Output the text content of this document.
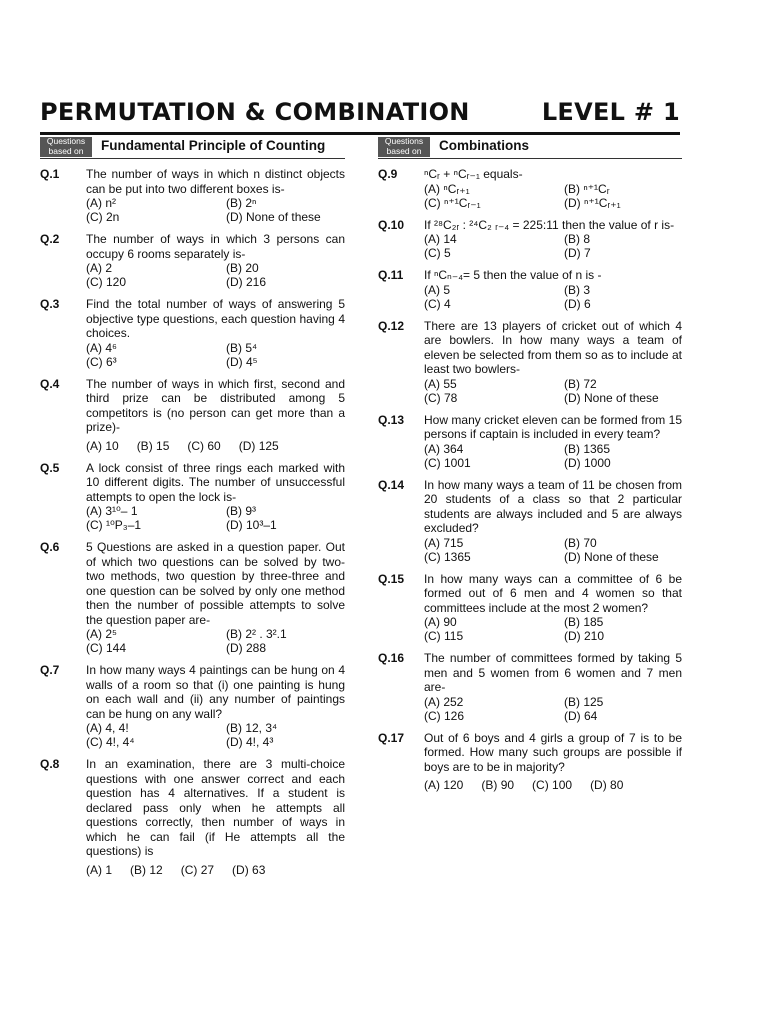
PERMUTATION & COMBINATION	LEVEL # 1
Questions based on	Fundamental Principle of Counting
Q.1 The number of ways in which n distinct objects can be put into two different boxes is-
(A) n²	(B) 2ⁿ
(C) 2n	(D) None of these
Q.2 The number of ways in which 3 persons can occupy 6 rooms separately is-
(A) 2	(B) 20
(C) 120	(D) 216
Q.3 Find the total number of ways of answering 5 objective type questions, each question having 4 choices.
(A) 4⁶	(B) 5⁴
(C) 6³	(D) 4⁵
Q.4 The number of ways in which first, second and third prize can be distributed among 5 competitors is (no person can get more than a prize)-
(A) 10 (B) 15 (C) 60 (D) 125
Q.5 A lock consist of three rings each marked with 10 different digits. The number of unsuccessful attempts to open the lock is-
(A) 3¹⁰– 1	(B) 9³
(C) ¹⁰P₃–1	(D) 10³–1
Q.6 5 Questions are asked in a question paper. Out of which two questions can be solved by two- two methods, two question by three-three and one question can be solved by only one method then the number of possible attempts to solve the question paper are-
(A) 2⁵	(B) 2² . 3².1
(C) 144	(D) 288
Q.7 In how many ways 4 paintings can be hung on 4 walls of a room so that (i) one painting is hung on each wall and (ii) any number of paintings can be hung on any wall?
(A) 4, 4!	(B) 12, 3⁴
(C) 4!, 4⁴	(D) 4!, 4³
Q.8 In an examination, there are 3 multi-choice questions with one answer correct and each question has 4 alternatives. If a student is declared pass only when he attempts all questions correctly, then number of ways in which he can fail (if He attempts all the questions) is
(A) 1 (B) 12 (C) 27 (D) 63
Questions based on	Combinations
Q.9 ⁿCᵣ + ⁿCᵣ₋₁ equals-
(A) ⁿCᵣ₊₁	(B) ⁿ⁺¹Cᵣ
(C) ⁿ⁺¹Cᵣ₋₁	(D) ⁿ⁺¹Cᵣ₊₁
Q.10 If ²⁸C₂ᵣ : ²⁴C₂ ᵣ₋₄ = 225:11 then the value of r is-
(A) 14	(B) 8
(C) 5	(D) 7
Q.11 If ⁿCₙ₋₄= 5 then the value of n is -
(A) 5	(B) 3
(C) 4	(D) 6
Q.12 There are 13 players of cricket out of which 4 are bowlers. In how many ways a team of eleven be selected from them so as to include at least two bowlers-
(A) 55	(B) 72
(C) 78	(D) None of these
Q.13 How many cricket eleven can be formed from 15 persons if captain is included in every team?
(A) 364	(B) 1365
(C) 1001	(D) 1000
Q.14 In how many ways a team of 11 be chosen from 20 students of a class so that 2 particular students are always included and 5 are always excluded?
(A) 715	(B) 70
(C) 1365	(D) None of these
Q.15 In how many ways can a committee of 6 be formed out of 6 men and 4 women so that committees include at the most 2 women?
(A) 90	(B) 185
(C) 115	(D) 210
Q.16 The number of committees formed by taking 5 men and 5 women from 6 women and 7 men are-
(A) 252	(B) 125
(C) 126	(D) 64
Q.17 Out of 6 boys and 4 girls a group of 7 is to be formed. How many such groups are possible if boys are to be in majority?
(A) 120 (B) 90 (C) 100 (D) 80
